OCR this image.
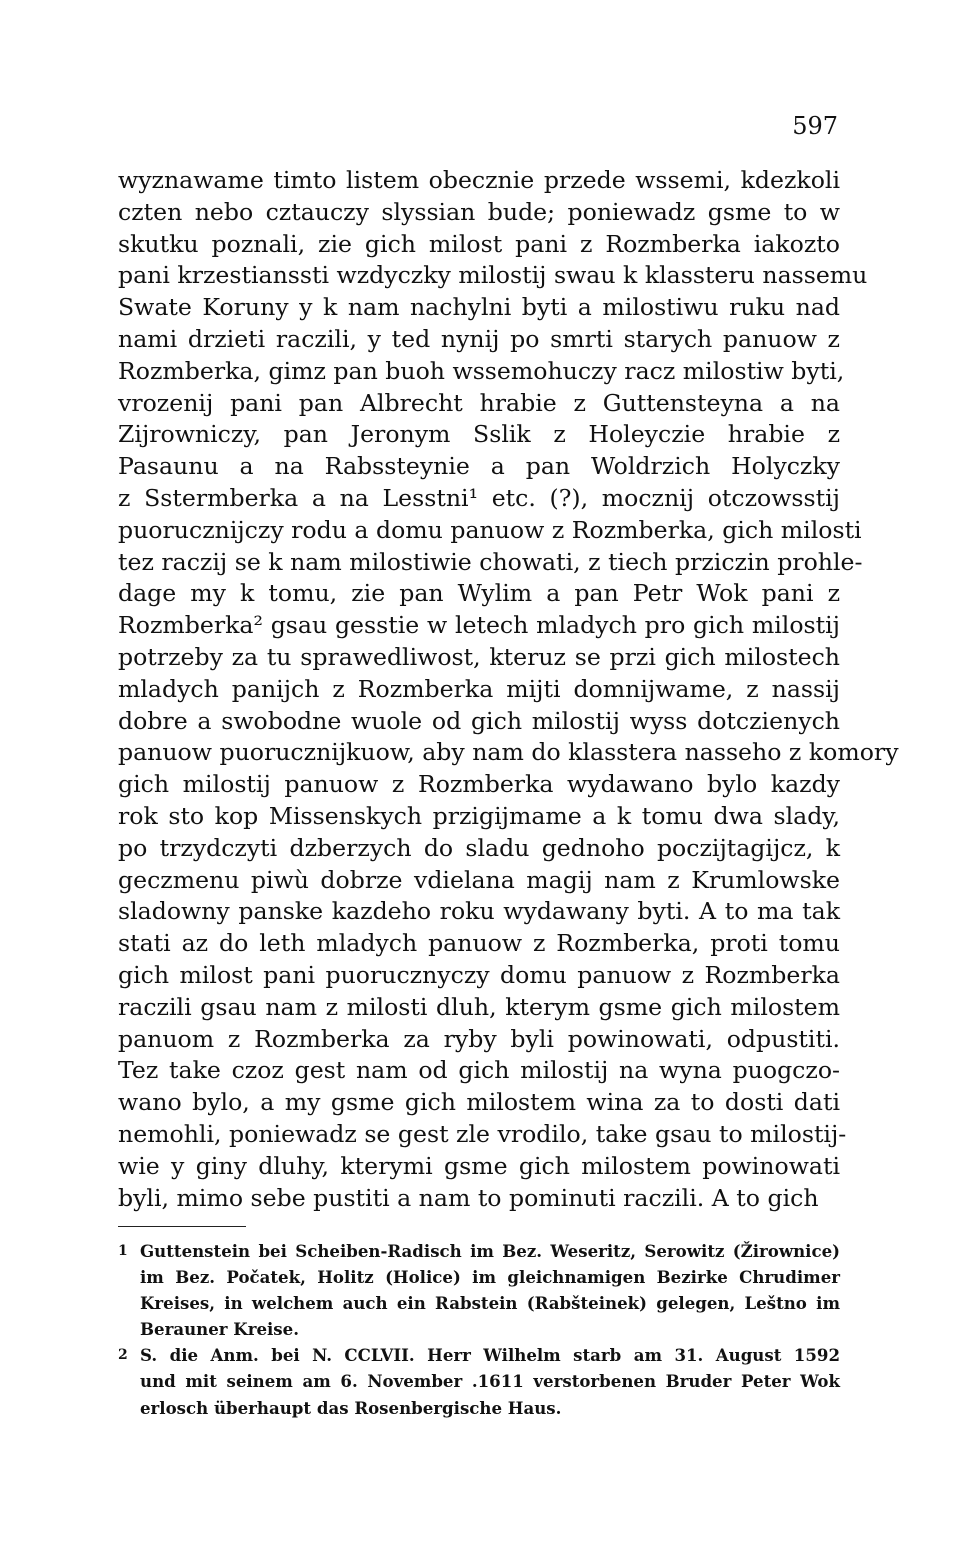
597
wyznawame timto listem obecznie przede wssemi, kdezkoli
czten nebo cztauczy slyssian bude; poniewadz gsme to w
skutku poznali, zie gich milost pani z Rozmberka iakozto
pani krzestianssti wzdyczky milostij swau k klassteru nassemu
Swate Koruny y k nam nachylni byti a milostiwu ruku nad
nami drzieti raczili, y ted nynij po smrti starych panuow z
Rozmberka, gimz pan buoh wssemohuczy racz milostiw byti,
vrozenij pani pan Albrecht hrabie z Guttensteyna a na
Zijrowniczy, pan Jeronym Sslik z Holeyczie hrabie z
Pasaunu a na Rabssteynie a pan Woldrzich Holyczky
z Sstermberka a na Lesstni¹ etc. (?), mocznij otczowsstij
puorucznijczy rodu a domu panuow z Rozmberka, gich milosti
tez raczij se k nam milostiwie chowati, z tiech prziczin prohle-
dage my k tomu, zie pan Wylim a pan Petr Wok pani z
Rozmberka² gsau gesstie w letech mladych pro gich milostij
potrzeby za tu sprawedliwost, kteruz se przi gich milostech
mladych panijch z Rozmberka mijti domnijwame, z nassij
dobre a swobodne wuole od gich milostij wyss dotczienych
panuow puorucznijkuow, aby nam do klasstera nasseho z komory
gich milostij panuow z Rozmberka wydawano bylo kazdy
rok sto kop Missenskych przigijmame a k tomu dwa slady,
po trzydczyti dzberzych do sladu gednoho poczijtagijcz, k
geczmenu piwù dobrze vdielana magij nam z Krumlowske
sladowny panske kazdeho roku wydawany byti. A to ma tak
stati az do leth mladych panuow z Rozmberka, proti tomu
gich milost pani puorucznyczy domu panuow z Rozmberka
raczili gsau nam z milosti dluh, kterym gsme gich milostem
panuom z Rozmberka za ryby byli powinowati, odpustiti.
Tez take czoz gest nam od gich milostij na wyna puogczo-
wano bylo, a my gsme gich milostem wina za to dosti dati
nemohli, poniewadz se gest zle vrodilo, take gsau to milostij-
wie y giny dluhy, kterymi gsme gich milostem powinowati
byli, mimo sebe pustiti a nam to pominuti raczili. A to gich
1 Guttenstein bei Scheiben-Radisch im Bez. Weseritz, Serowitz (Žirownice)
im Bez. Počatek, Holitz (Holice) im gleichnamigen Bezirke Chrudimer
Kreises, in welchem auch ein Rabstein (Rabšteinek) gelegen, Leštno im
Berauner Kreise.
2 S. die Anm. bei N. CCLVII. Herr Wilhelm starb am 31. August 1592
und mit seinem am 6. November .1611 verstorbenen Bruder Peter Wok
erlosch überhaupt das Rosenbergische Haus.
